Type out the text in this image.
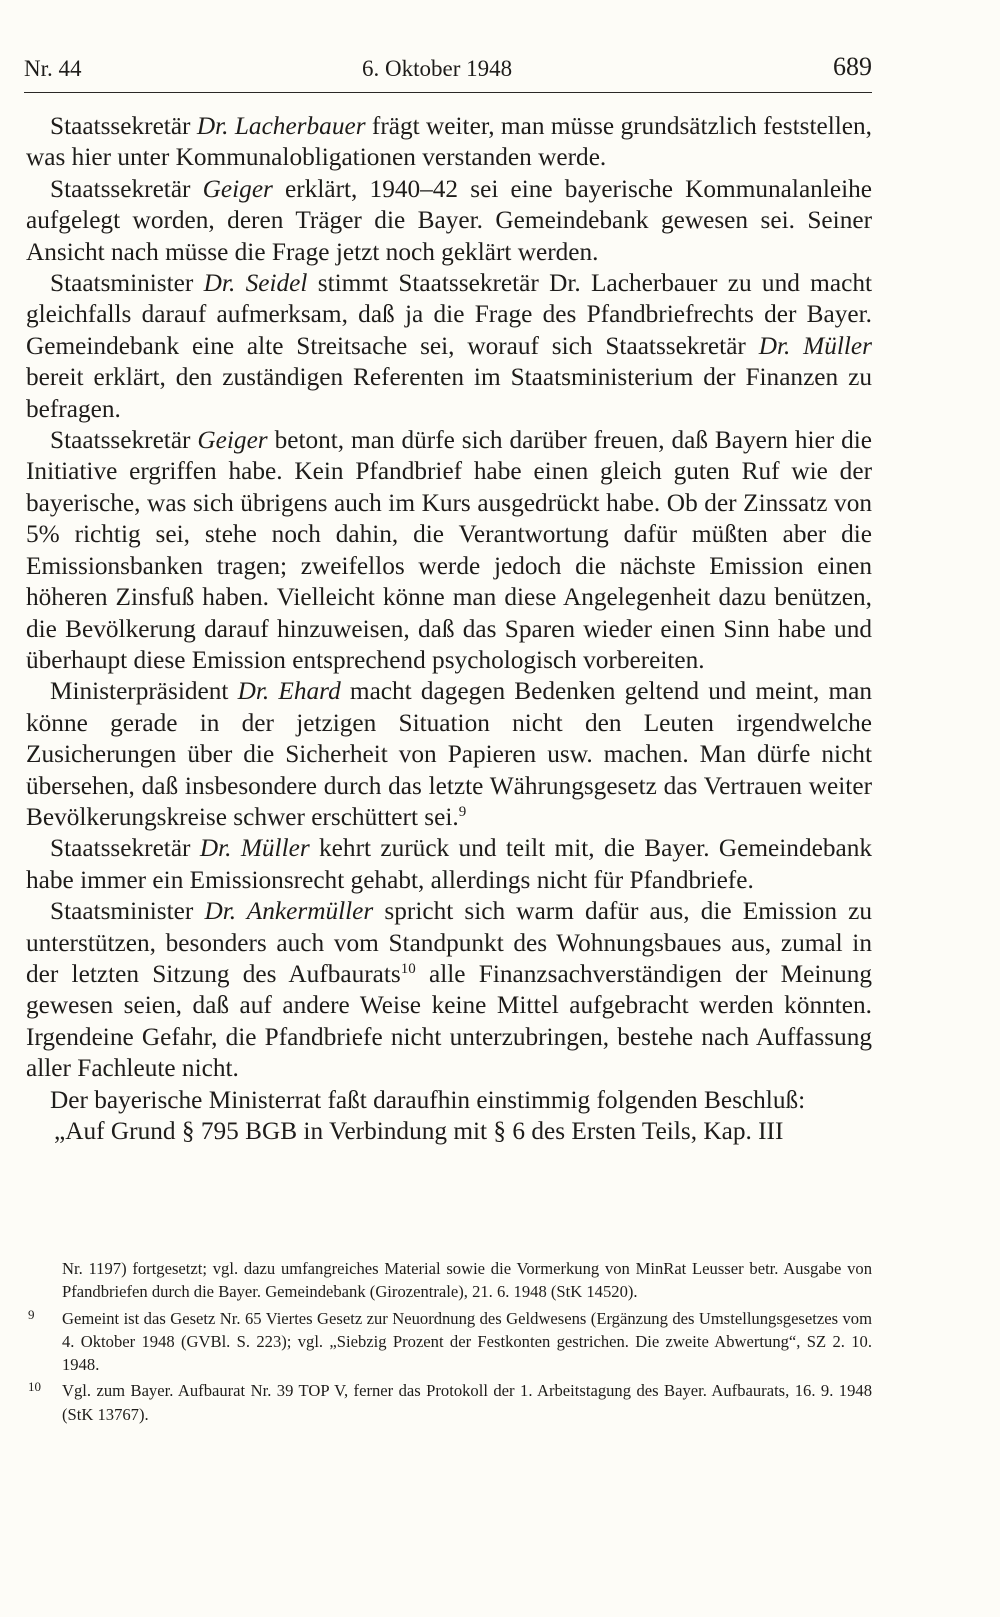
Nr. 44	6. Oktober 1948	689

Staatssekretär Dr. Lacherbauer frägt weiter, man müsse grundsätzlich feststellen, was hier unter Kommunalobligationen verstanden werde.

Staatssekretär Geiger erklärt, 1940–42 sei eine bayerische Kommunalanleihe aufgelegt worden, deren Träger die Bayer. Gemeindebank gewesen sei. Seiner Ansicht nach müsse die Frage jetzt noch geklärt werden.

Staatsminister Dr. Seidel stimmt Staatssekretär Dr. Lacherbauer zu und macht gleichfalls darauf aufmerksam, daß ja die Frage des Pfandbriefrechts der Bayer. Gemeindebank eine alte Streitsache sei, worauf sich Staatssekretär Dr. Müller bereit erklärt, den zuständigen Referenten im Staatsministerium der Finanzen zu befragen.

Staatssekretär Geiger betont, man dürfe sich darüber freuen, daß Bayern hier die Initiative ergriffen habe. Kein Pfandbrief habe einen gleich guten Ruf wie der bayerische, was sich übrigens auch im Kurs ausgedrückt habe. Ob der Zinssatz von 5% richtig sei, stehe noch dahin, die Verantwortung dafür müßten aber die Emissionsbanken tragen; zweifellos werde jedoch die nächste Emission einen höheren Zinsfuß haben. Vielleicht könne man diese Angelegenheit dazu benützen, die Bevölkerung darauf hinzuweisen, daß das Sparen wieder einen Sinn habe und überhaupt diese Emission entsprechend psychologisch vorbereiten.

Ministerpräsident Dr. Ehard macht dagegen Bedenken geltend und meint, man könne gerade in der jetzigen Situation nicht den Leuten irgendwelche Zusicherungen über die Sicherheit von Papieren usw. machen. Man dürfe nicht übersehen, daß insbesondere durch das letzte Währungsgesetz das Vertrauen weiter Bevölkerungskreise schwer erschüttert sei.$^9$

Staatssekretär Dr. Müller kehrt zurück und teilt mit, die Bayer. Gemeindebank habe immer ein Emissionsrecht gehabt, allerdings nicht für Pfandbriefe.

Staatsminister Dr. Ankermüller spricht sich warm dafür aus, die Emission zu unterstützen, besonders auch vom Standpunkt des Wohnungsbaues aus, zumal in der letzten Sitzung des Aufbaurats$^{10}$ alle Finanzsachverständigen der Meinung gewesen seien, daß auf andere Weise keine Mittel aufgebracht werden könnten. Irgendeine Gefahr, die Pfandbriefe nicht unterzubringen, bestehe nach Auffassung aller Fachleute nicht.

Der bayerische Ministerrat faßt daraufhin einstimmig folgenden Beschluß:

„Auf Grund § 795 BGB in Verbindung mit § 6 des Ersten Teils, Kap. III

Nr. 1197) fortgesetzt; vgl. dazu umfangreiches Material sowie die Vormerkung von MinRat Leusser betr. Ausgabe von Pfandbriefen durch die Bayer. Gemeindebank (Girozentrale), 21. 6. 1948 (StK 14520).

$^9$ Gemeint ist das Gesetz Nr. 65 Viertes Gesetz zur Neuordnung des Geldwesens (Ergänzung des Umstellungsgesetzes vom 4. Oktober 1948 (GVBl. S. 223); vgl. „Siebzig Prozent der Festkonten gestrichen. Die zweite Abwertung“, SZ 2. 10. 1948.
$^{10}$ Vgl. zum Bayer. Aufbaurat Nr. 39 TOP V, ferner das Protokoll der 1. Arbeitstagung des Bayer. Aufbaurats, 16. 9. 1948 (StK 13767).
